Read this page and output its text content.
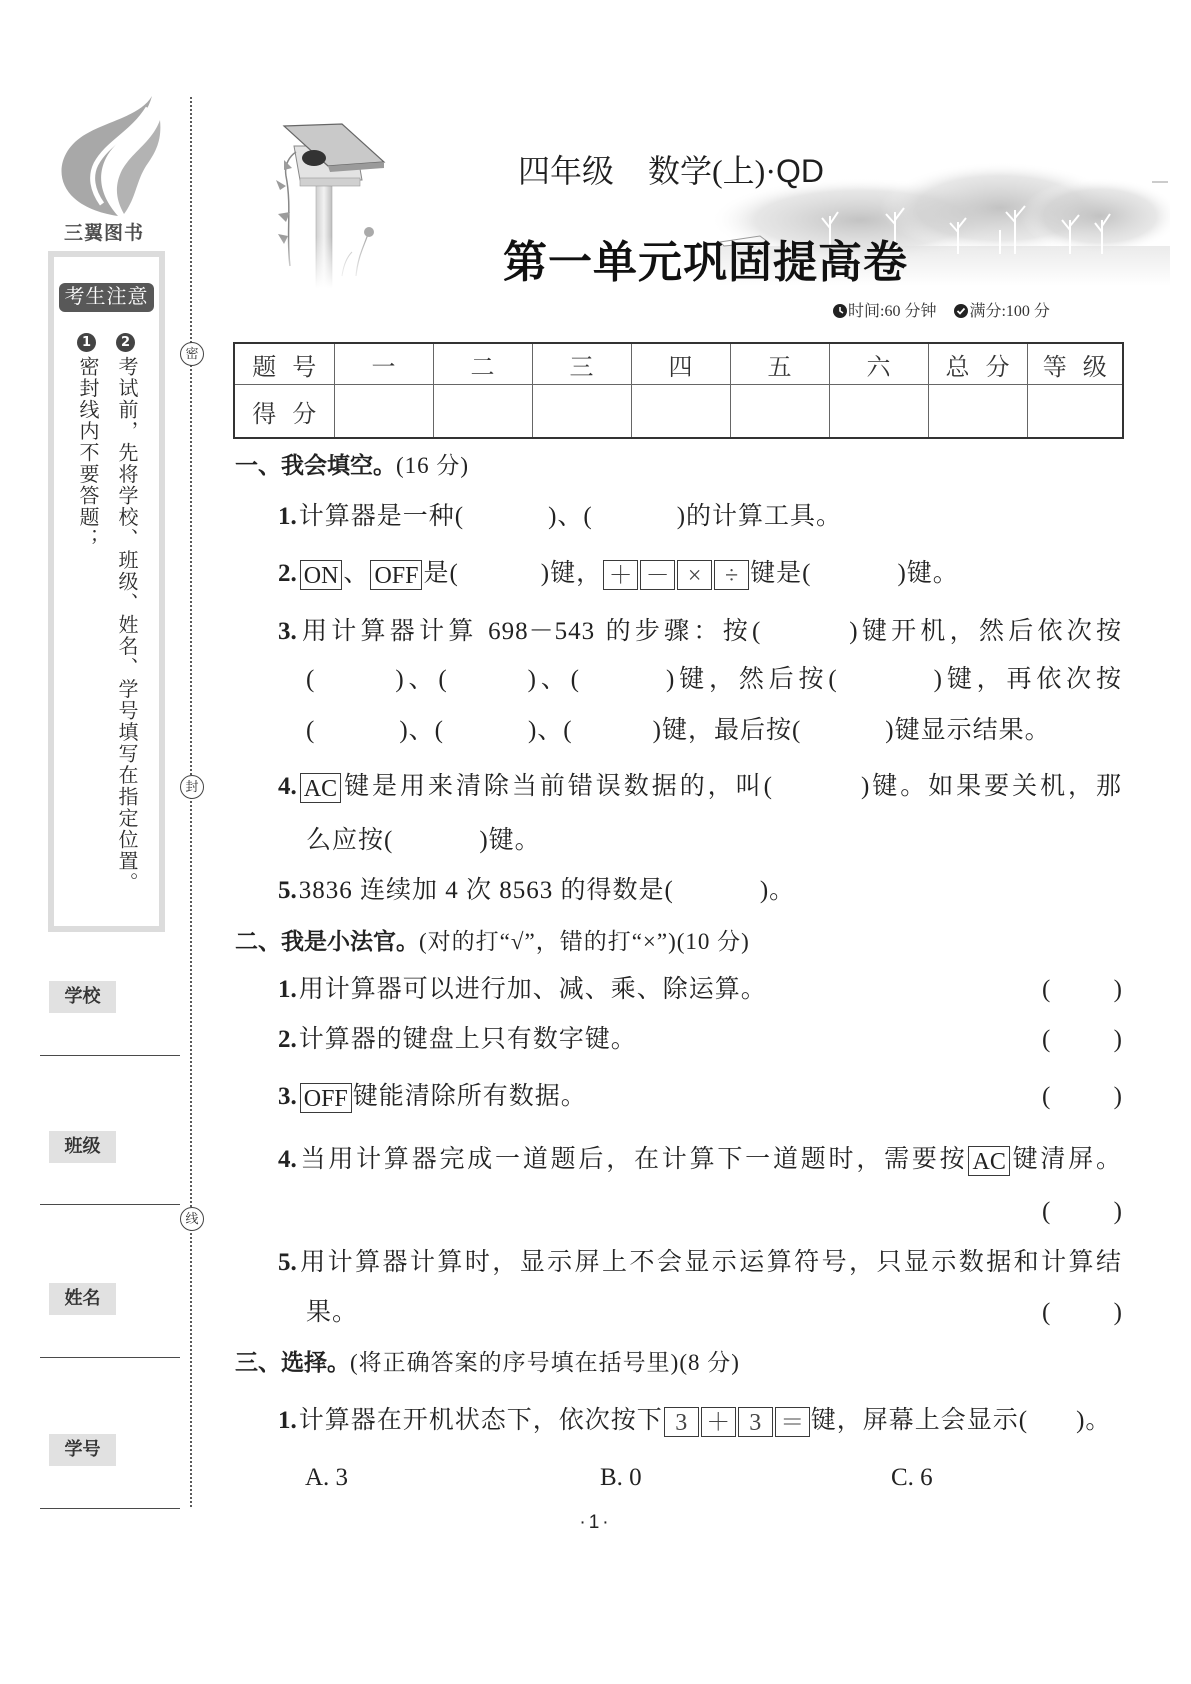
三翼图书
考生注意
1	2
密封线内不要答题； 考试前，先将学校、班级、姓名、学号填写在指定位置。
学校
班级
姓名
学号
密
封
线
四年级 数学(上)·QD
第一单元巩固提高卷
时间:60 分钟 满分:100 分
题 号	一	二	三	四	五	六	总 分	等 级
得 分								
一、我会填空。(16 分)
1.计算器是一种(	)、(	)的计算工具。
2. ON 、 OFF 是(	)键， ＋ － × ÷ 键是(	)键。
3.用计算器计算 698－543 的步骤：按(	)键开机，然后依次按
(	)、(	)、(	)键，然后按(	)键，再依次按
(	)、(	)、(	)键，最后按(	)键显示结果。
4. AC 键是用来清除当前错误数据的，叫(	)键。如果要关机，那
么应按(	)键。
5.3836 连续加 4 次 8563 的得数是(	)。
二、我是小法官。(对的打“√”，错的打“×”)(10 分)
1.用计算器可以进行加、减、乘、除运算。	(	)
2.计算器的键盘上只有数字键。	(	)
3. OFF 键能清除所有数据。	(	)
4.当用计算器完成一道题后，在计算下一道题时，需要按 AC 键清屏。
(	)
5.用计算器计算时，显示屏上不会显示运算符号，只显示数据和计算结
果。	(	)
三、选择。(将正确答案的序号填在括号里)(8 分)
1.计算器在开机状态下，依次按下 3 ＋ 3 ＝ 键，屏幕上会显示( )。
A. 3	B. 0	C. 6
·1·
